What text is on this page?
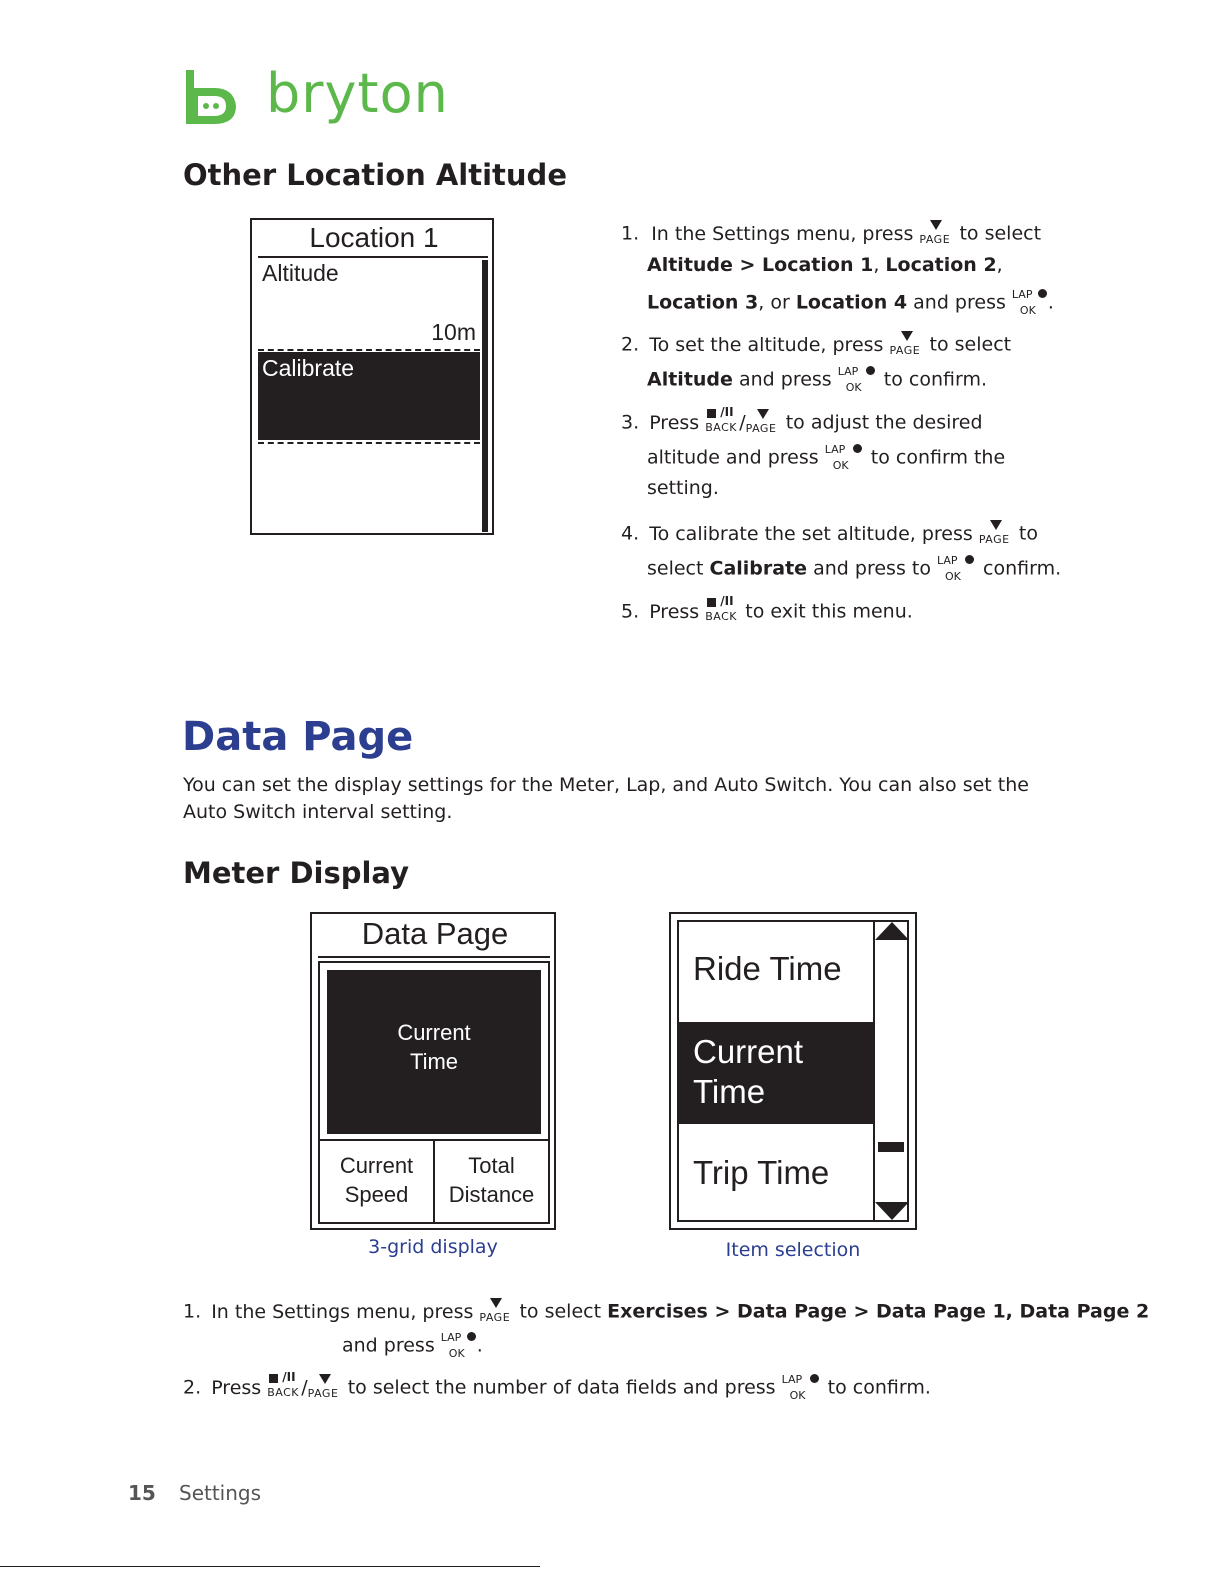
bryton
Other Location Altitude
Location 1
Altitude
10m
Calibrate
1. In the Settings menu, press PAGE to select
Altitude > Location 1, Location 2,
Location 3, or Location 4 and press LAP
OK .
2. To set the altitude, press PAGE to select
Altitude and press LAP
OK to confirm.
3. Press /II
BACK / PAGE to adjust the desired
altitude and press LAP
OK to confirm the
setting.
4. To calibrate the set altitude, press PAGE to
select Calibrate and press to LAP
OK confirm.
5. Press /II
BACK to exit this menu.
Data Page
You can set the display settings for the Meter, Lap, and Auto Switch. You can also set the
Auto Switch interval setting.
Meter Display
Data Page
Current
Time
Current
Speed
Total
Distance
3-grid display
Ride Time
Current
Time
Trip Time
Item selection
1. In the Settings menu, press PAGE to select Exercises > Data Page > Data Page 1, Data Page 2
and press LAP
OK .
2. Press /II
BACK / PAGE to select the number of data fields and press LAP
OK to confirm.
15 Settings
